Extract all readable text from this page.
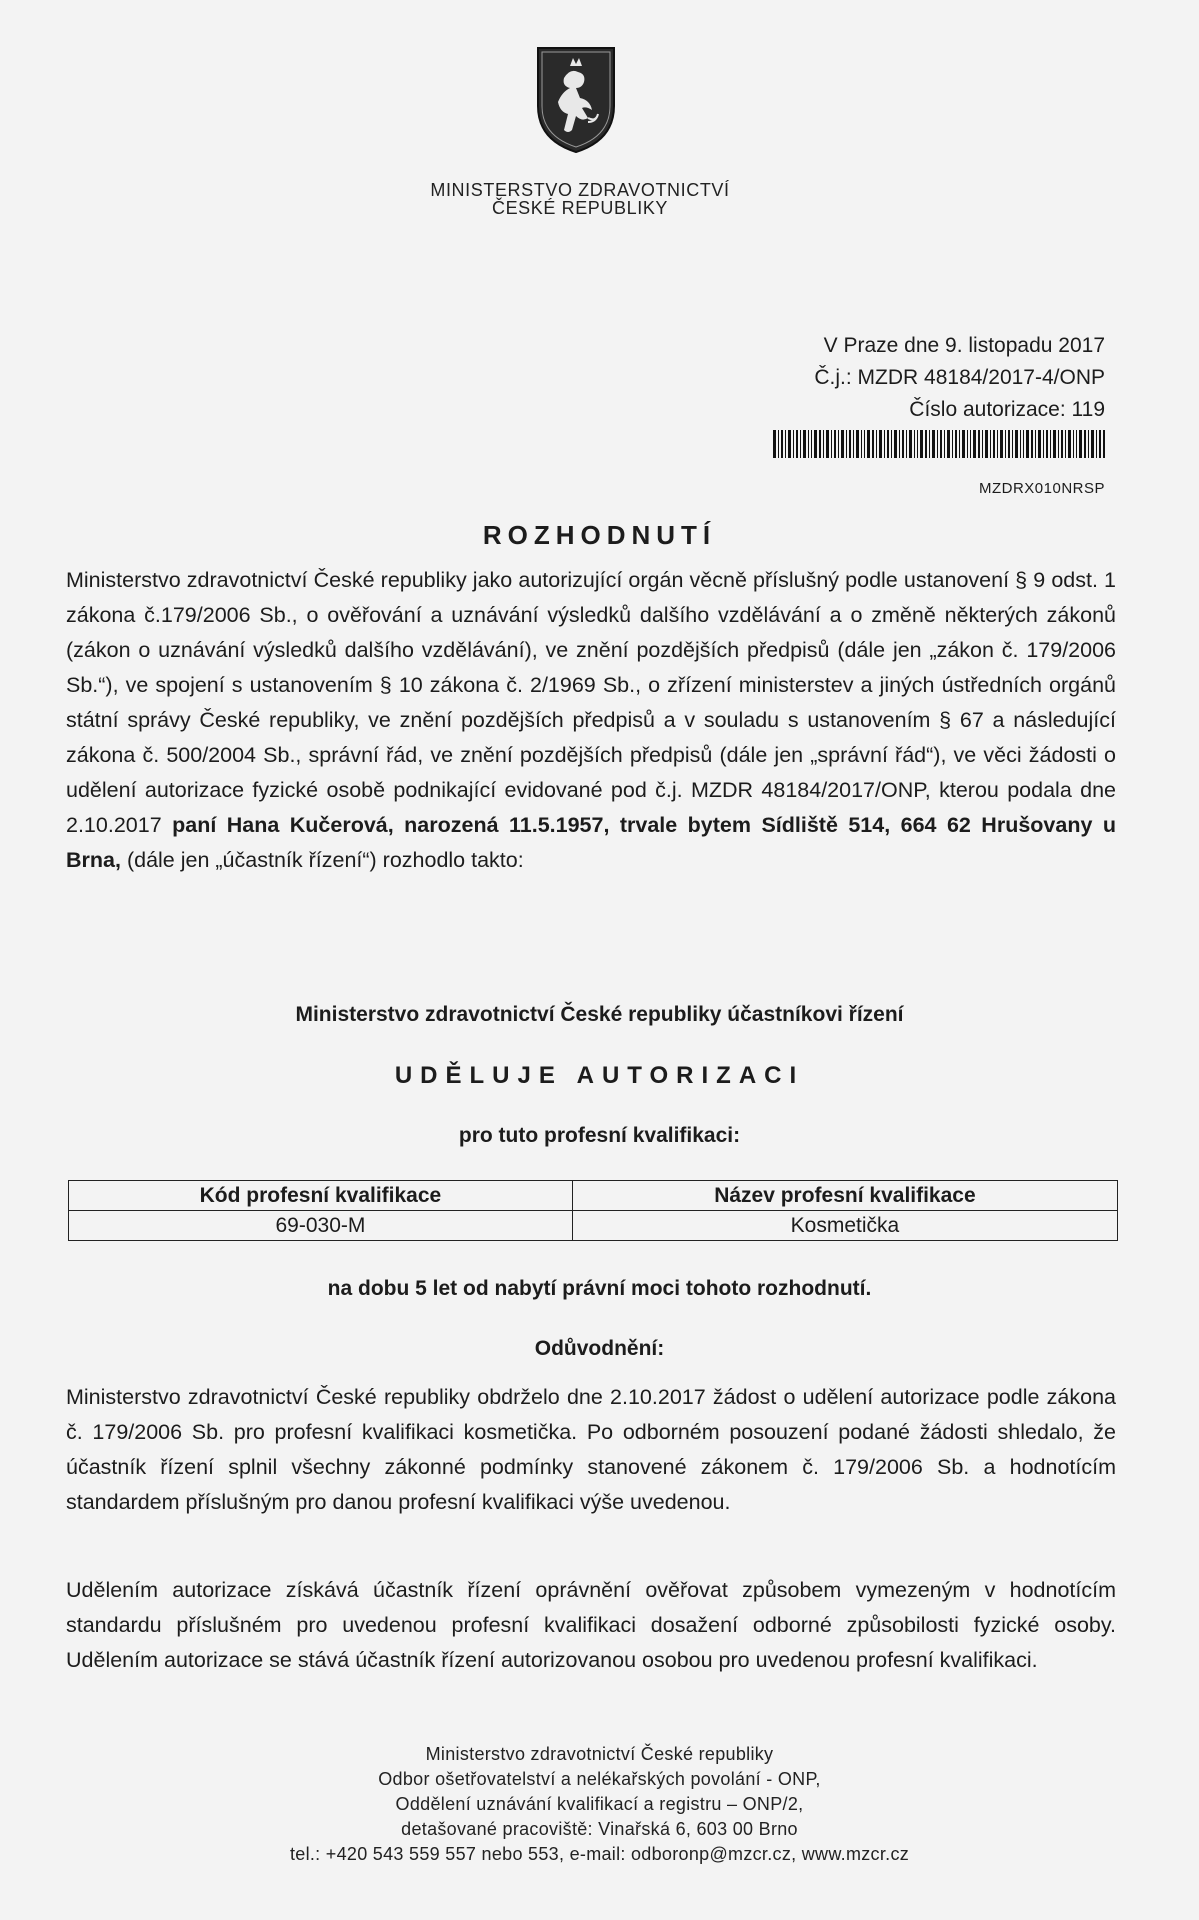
MINISTERSTVO ZDRAVOTNICTVÍ
ČESKÉ REPUBLIKY
V Praze dne 9. listopadu 2017
Č.j.: MZDR 48184/2017-4/ONP
Číslo autorizace: 119
MZDRX010NRSP
ROZHODNUTÍ
Ministerstvo zdravotnictví České republiky jako autorizující orgán věcně příslušný podle ustanovení § 9 odst. 1 zákona č.179/2006 Sb., o ověřování a uznávání výsledků dalšího vzdělávání a o změně některých zákonů (zákon o uznávání výsledků dalšího vzdělávání), ve znění pozdějších předpisů (dále jen „zákon č. 179/2006 Sb.“), ve spojení s ustanovením § 10 zákona č. 2/1969 Sb., o zřízení ministerstev a jiných ústředních orgánů státní správy České republiky, ve znění pozdějších předpisů a v souladu s ustanovením § 67 a následující zákona č. 500/2004 Sb., správní řád, ve znění pozdějších předpisů (dále jen „správní řád“), ve věci žádosti o udělení autorizace fyzické osobě podnikající evidované pod č.j. MZDR 48184/2017/ONP, kterou podala dne 2.10.2017 paní Hana Kučerová, narozená 11.5.1957, trvale bytem Sídliště 514, 664 62 Hrušovany u Brna, (dále jen „účastník řízení“) rozhodlo takto:
Ministerstvo zdravotnictví České republiky účastníkovi řízení
UDĚLUJE AUTORIZACI
pro tuto profesní kvalifikaci:
Kód profesní kvalifikace	Název profesní kvalifikace
69-030-M	Kosmetička
na dobu 5 let od nabytí právní moci tohoto rozhodnutí.
Odůvodnění:
Ministerstvo zdravotnictví České republiky obdrželo dne 2.10.2017 žádost o udělení autorizace podle zákona č. 179/2006 Sb. pro profesní kvalifikaci kosmetička. Po odborném posouzení podané žádosti shledalo, že účastník řízení splnil všechny zákonné podmínky stanovené zákonem č. 179/2006 Sb. a hodnotícím standardem příslušným pro danou profesní kvalifikaci výše uvedenou.
Udělením autorizace získává účastník řízení oprávnění ověřovat způsobem vymezeným v hodnotícím standardu příslušném pro uvedenou profesní kvalifikaci dosažení odborné způsobilosti fyzické osoby. Udělením autorizace se stává účastník řízení autorizovanou osobou pro uvedenou profesní kvalifikaci.
Ministerstvo zdravotnictví České republiky
Odbor ošetřovatelství a nelékařských povolání - ONP,
Oddělení uznávání kvalifikací a registru – ONP/2,
detašované pracoviště: Vinařská 6, 603 00 Brno
tel.: +420 543 559 557 nebo 553, e-mail: odboronp@mzcr.cz, www.mzcr.cz
